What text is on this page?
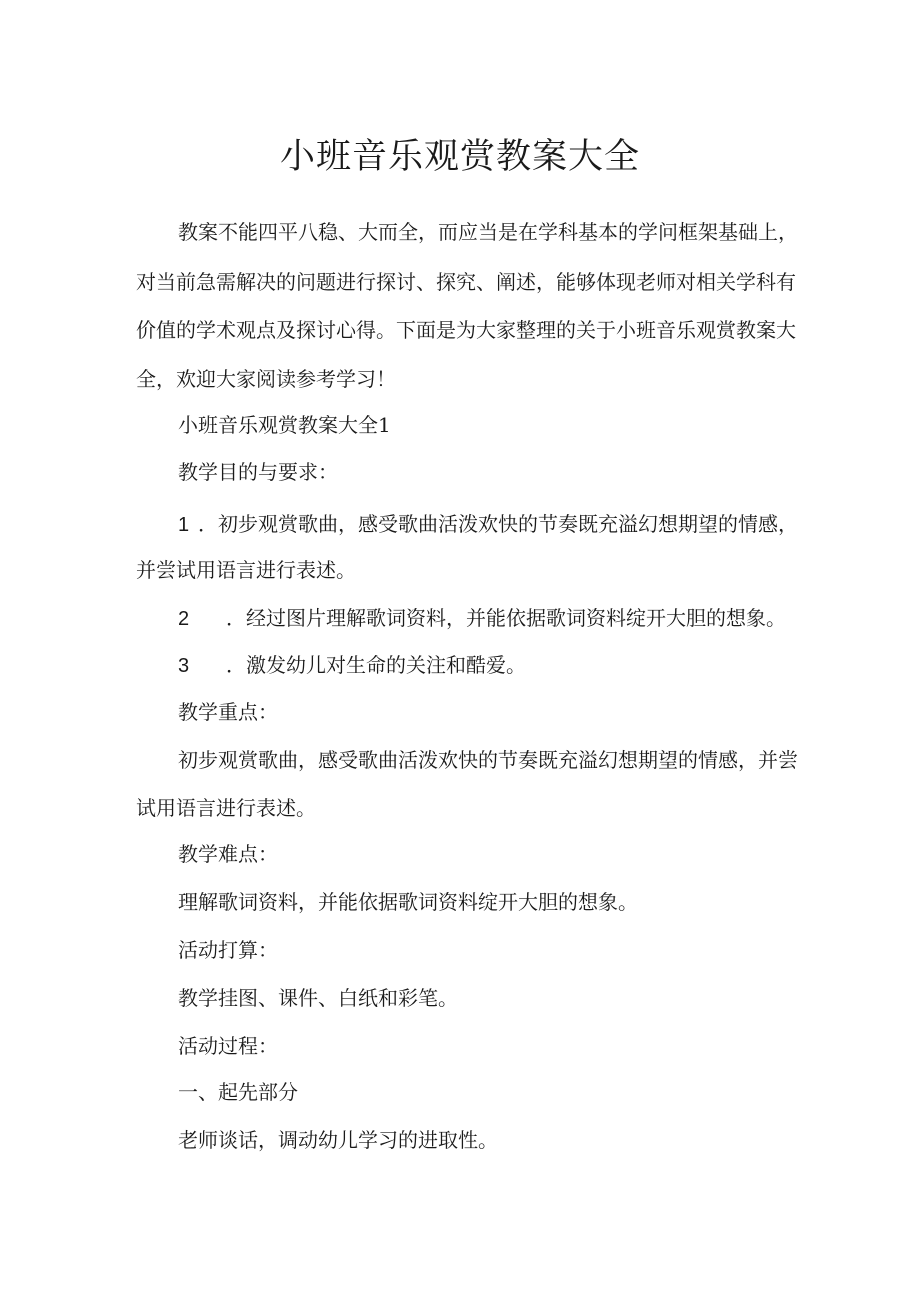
小班音乐观赏教案大全

教案不能四平八稳、大而全，而应当是在学科基本的学问框架基础上，

对当前急需解决的问题进行探讨、探究、阐述，能够体现老师对相关学科有

价值的学术观点及探讨心得。下面是为大家整理的关于小班音乐观赏教案大

全，欢迎大家阅读参考学习！

小班音乐观赏教案大全1

教学目的与要求：

1 ．初步观赏歌曲，感受歌曲活泼欢快的节奏既充溢幻想期望的情感，

并尝试用语言进行表述。

2 ．经过图片理解歌词资料，并能依据歌词资料绽开大胆的想象。

3 ．激发幼儿对生命的关注和酷爱。

教学重点：

初步观赏歌曲，感受歌曲活泼欢快的节奏既充溢幻想期望的情感，并尝

试用语言进行表述。

教学难点：

理解歌词资料，并能依据歌词资料绽开大胆的想象。

活动打算：

教学挂图、课件、白纸和彩笔。

活动过程：

一、起先部分

老师谈话，调动幼儿学习的进取性。
